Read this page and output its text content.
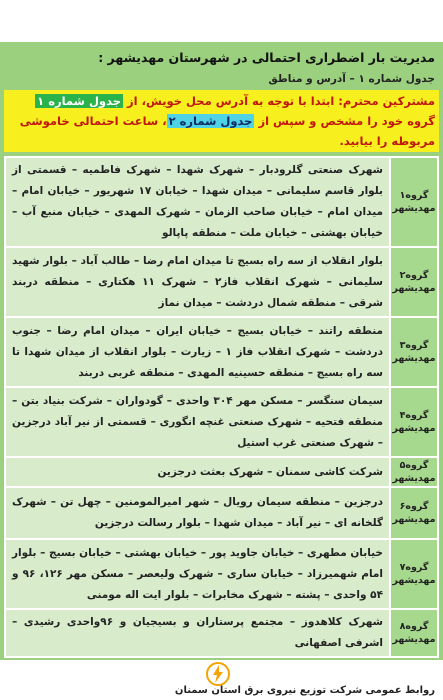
مدیریت بار اضطراری احتمالی در شهرستان مهدیشهر :
جدول شماره ۱ – آدرس و مناطق
مشترکین محترم: ابتدا با توجه به آدرس محل خویش، از جدول شماره ۱ گروه خود را مشخص و سپس از جدول شماره ۲، ساعت احتمالی خاموشی مربوطه را بیابید.
گروه۱ مهدیشهر	شهرک صنعتی گلرودبار – شهرک شهدا – شهرک فاطمیه – قسمتی از بلوار قاسم سلیمانی – میدان شهدا – خیابان ۱۷ شهریور – خیابان امام – میدان امام – خیابان صاحب الزمان – شهرک المهدی – خیابان منبع آب – خیابان بهشتی – خیابان ملت – منطقه پاپالو
گروه۲ مهدیشهر	بلوار انقلاب از سه راه بسیج تا میدان امام رضا – طالب آباد – بلوار شهید سلیمانی – شهرک انقلاب فاز۲ – شهرک ۱۱ هکتاری – منطقه دربند شرقی – منطقه شمال دردشت – میدان نماز
گروه۳ مهدیشهر	منطقه راتند – خیابان بسیج – خیابان ایران – میدان امام رضا – جنوب دردشت – شهرک انقلاب فاز ۱ – زیارت – بلوار انقلاب از میدان شهدا تا سه راه بسیج – منطقه حسینیه المهدی – منطقه غربی دربند
گروه۴ مهدیشهر	سیمان سنگسر – مسکن مهر ۳۰۴ واحدی – گودواران – شرکت بنیاد بتن – منطقه فتحیه – شهرک صنعتی غنچه انگوری – قسمتی از نیر آباد درجزین – شهرک صنعتی غرب استیل
گروه۵ مهدیشهر	شرکت کاشی سمنان – شهرک بعثت درجزین
گروه۶ مهدیشهر	درجزین – منطقه سیمان رویال – شهر امیرالمومنین – چهل تن – شهرک گلخانه ای – نیر آباد – میدان شهدا – بلوار رسالت درجزین
گروه۷ مهدیشهر	خیابان مطهری – خیابان جاوید پور – خیابان بهشتی – خیابان بسیج – بلوار امام شهمیرزاد – خیابان ساری – شهرک ولیعصر – مسکن مهر ۱۲۶، ۹۶ و ۵۴ واحدی – پشته – شهرک مخابرات – بلوار ایت اله مومنی
گروه۸ مهدیشهر	شهرک کلاهدوز – مجتمع پرستاران و بسیجیان و ۹۶واحدی رشیدی – اشرفی اصفهانی
روابط عمومی شرکت توزیع نیروی برق استان سمنان
